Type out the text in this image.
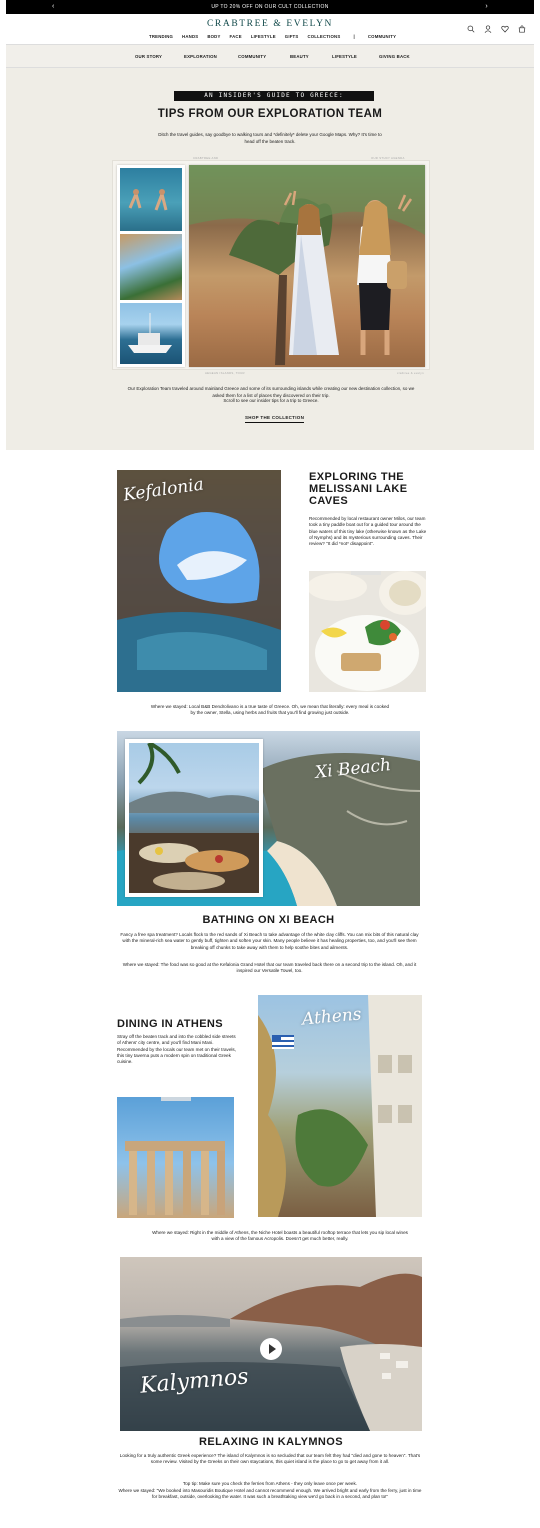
‹	UP TO 20% OFF ON OUR CULT COLLECTION	›
CRABTREE & EVELYN
TRENDING HANDS BODY FACE LIFESTYLE GIFTS COLLECTIONS	|	COMMUNITY
OUR STORY	EXPLORATION	COMMUNITY	BEAUTY	LIFESTYLE	GIVING BACK
AN INSIDER'S GUIDE TO GREECE:
TIPS FROM OUR EXPLORATION TEAM
Ditch the travel guides, say goodbye to walking tours and *definitely* delete your Google Maps. Why? It's time to head off the beaten track.
CRABTREE AND	OUR STUDY AGENDA
AEGEAN ISLANDS, TOUR	crabtree & evelyn
Our Exploration Team traveled around mainland Greece and some of its surrounding islands while creating our new destination collection, so we asked them for a list of places they discovered on their trip.
Scroll to see our insider tips for a trip to Greece.
SHOP THE COLLECTION
Kefalonia	EXPLORING THE MELISSANI LAKE CAVES
Recommended by local restaurant owner Milos, our team took a tiny paddle boat out for a guided tour around the blue waters of this tiny lake (otherwise known as the Lake of Nymphs) and its mysterious surrounding caves. Their review? "It did *not* disappoint".
Where we stayed: Local B&B Dendrolivano is a true taste of Greece. Oh, we mean that literally: every meal is cooked by the owner, Stella, using herbs and fruits that you'll find growing just outside.
Xi Beach
BATHING ON XI BEACH
Fancy a free spa treatment? Locals flock to the red sands of Xi Beach to take advantage of the white clay cliffs. You can mix bits of this natural clay with the mineral-rich sea water to gently buff, tighten and soften your skin. Many people believe it has healing properties, too, and you'll see them breaking off chunks to take away with them to help soothe bites and ailments.
Where we stayed: The food was so good at the Kefalonia Grand Hotel that our team traveled back there on a second trip to the island. Oh, and it inspired our Versatile Towel, too.
DINING IN ATHENS
Stray off the beaten track and into the cobbled side streets of Athens' city centre, and you'll find Mani Mani. Recommended by the locals our team met on their travels, this tiny taverna puts a modern spin on traditional Greek cuisine.
Athens
Where we stayed: Right in the middle of Athens, the Niche Hotel boasts a beautiful rooftop terrace that lets you sip local wines with a view of the famous Acropolis. Doesn't get much better, really.
Kalymnos
RELAXING IN KALYMNOS
Looking for a truly authentic Greek experience? The island of Kalymnos is so secluded that our team felt they had "died and gone to heaven". That's some review. Visited by the Greeks on their own staycations, this quiet island is the place to go to get away from it all.
Top tip: Make sure you check the ferries from Athens - they only leave once per week.
Where we stayed: "We booked into Masouridis Boutique Hotel and cannot recommend enough. We arrived bright and early from the ferry, just in time for breakfast, outside, overlooking the water. It was such a breathtaking view we'd go back in a second, and plan to!"
